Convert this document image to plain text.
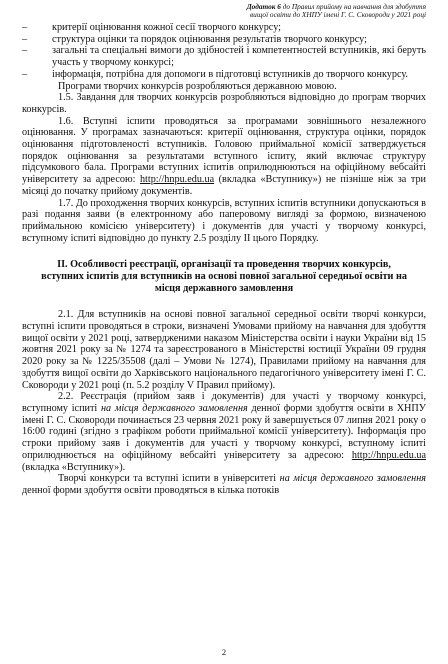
Додаток 6 до Правил прийому на навчання для здобуття
вищої освіти до ХНПУ імені Г. С. Сковороди у 2021 році
– критерії оцінювання кожної сесії творчого конкурсу;
– структура оцінки та порядок оцінювання результатів творчого конкурсу;
– загальні та спеціальні вимоги до здібностей і компетентностей вступників, які беруть участь у творчому конкурсі;
– інформація, потрібна для допомоги в підготовці вступників до творчого конкурсу.

Програми творчих конкурсів розробляються державною мовою.

1.5. Завдання для творчих конкурсів розробляються відповідно до програм творчих конкурсів.

1.6. Вступні іспити проводяться за програмами зовнішнього незалежного оцінювання. У програмах зазначаються: критерії оцінювання, структура оцінки, порядок оцінювання підготовленості вступників. Головою приймальної комісії затверджується порядок оцінювання за результатами вступного іспиту, який включає структуру підсумкового бала. Програми вступних іспитів оприлюднюються на офіційному вебсайті університету за адресою: http://hnpu.edu.ua (вкладка «Вступнику») не пізніше ніж за три місяці до початку прийому документів.

1.7. До проходження творчих конкурсів, вступних іспитів вступники допускаються в разі подання заяви (в електронному або паперовому вигляді за формою, визначеною приймальною комісією університету) і документів для участі у творчому конкурсі, вступному іспиті відповідно до пункту 2.5 розділу II цього Порядку.

II. Особливості реєстрації, організації та проведення творчих конкурсів, вступних іспитів для вступників на основі повної загальної середньої освіти на місця державного замовлення

2.1. Для вступників на основі повної загальної середньої освіти творчі конкурси, вступні іспити проводяться в строки, визначені Умовами прийому на навчання для здобуття вищої освіти у 2021 році, затвердженими наказом Міністерства освіти і науки України від 15 жовтня 2021 року за № 1274 та зареєстрованого в Міністерстві юстиції України 09 грудня 2020 року за № 1225/35508 (далі – Умови № 1274), Правилами прийому на навчання для здобуття вищої освіти до Харківського національного педагогічного університету імені Г. С. Сковороди у 2021 році (п. 5.2 розділу V Правил прийому).

2.2. Реєстрація (прийом заяв і документів) для участі у творчому конкурсі, вступному іспиті на місця державного замовлення денної форми здобуття освіти в ХНПУ імені Г. С. Сковороди починається 23 червня 2021 року й завершується 07 липня 2021 року о 16:00 годині (згідно з графіком роботи приймальної комісії університету). Інформація про строки прийому заяв і документів для участі у творчому конкурсі, вступному іспиті оприлюднюється на офіційному вебсайті університету за адресою: http://hnpu.edu.ua (вкладка «Вступнику»).

Творчі конкурси та вступні іспити в університеті на місця державного замовлення денної форми здобуття освіти проводяться в кілька потоків

2
